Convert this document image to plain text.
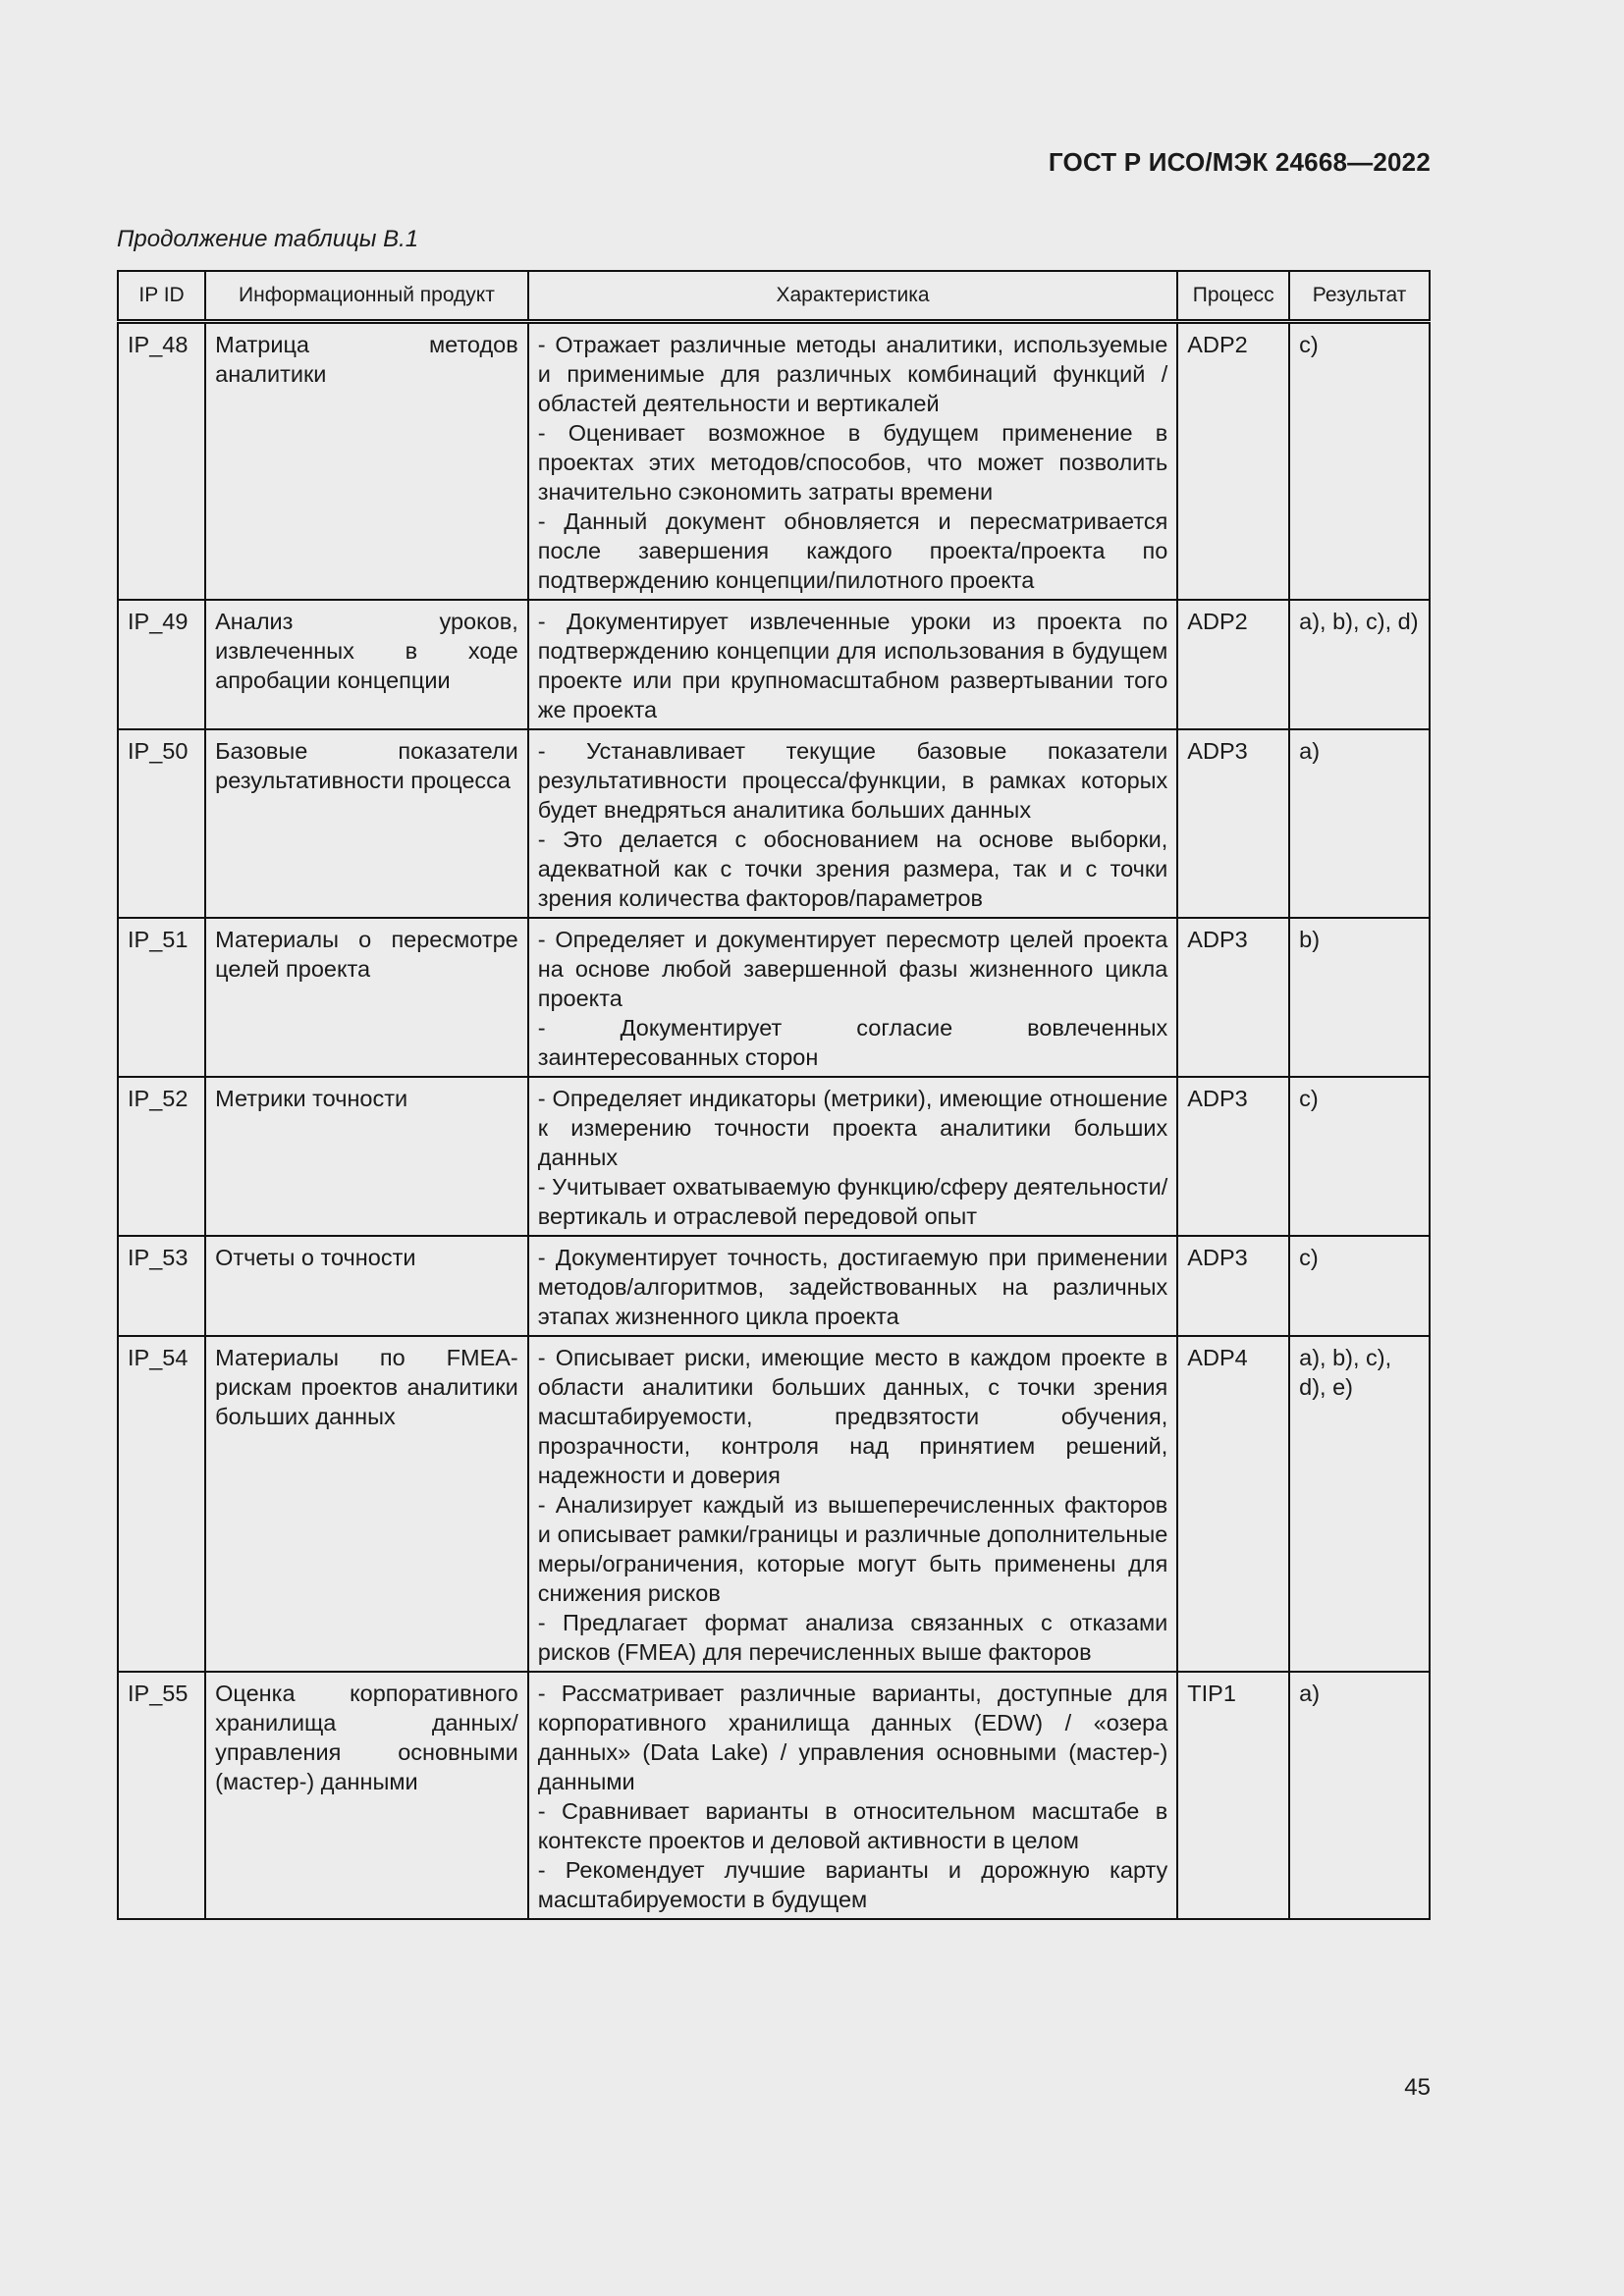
ГОСТ Р ИСО/МЭК 24668—2022
Продолжение таблицы В.1
IP ID	Информационный продукт	Характеристика	Процесс	Результат
IP_48	Матрица методов аналитики	- Отражает различные методы аналитики, используемые и применимые для различных комбинаций функций / областей деятельности и вертикалей
- Оценивает возможное в будущем применение в проектах этих методов/способов, что может позволить значительно сэкономить затраты времени
- Данный документ обновляется и пересматривается после завершения каждого проекта/проекта по подтверждению концепции/пилотного проекта	ADP2	c)
IP_49	Анализ уроков, извлеченных в ходе апробации концепции	- Документирует извлеченные уроки из проекта по подтверждению концепции для использования в будущем проекте или при крупномасштабном развертывании того же проекта	ADP2	a), b), c), d)
IP_50	Базовые показатели результативности процесса	- Устанавливает текущие базовые показатели результативности процесса/функции, в рамках которых будет внедряться аналитика больших данных
- Это делается с обоснованием на основе выборки, адекватной как с точки зрения размера, так и с точки зрения количества факторов/параметров	ADP3	a)
IP_51	Материалы о пересмотре целей проекта	- Определяет и документирует пересмотр целей проекта на основе любой завершенной фазы жизненного цикла проекта
- Документирует согласие вовлеченных заинтересованных сторон	ADP3	b)
IP_52	Метрики точности	- Определяет индикаторы (метрики), имеющие отношение к измерению точности проекта аналитики больших данных
- Учитывает охватываемую функцию/сферу деятельности/вертикаль и отраслевой передовой опыт	ADP3	c)
IP_53	Отчеты о точности	- Документирует точность, достигаемую при применении методов/алгоритмов, задействованных на различных этапах жизненного цикла проекта	ADP3	c)
IP_54	Материалы по FMEA-рискам проектов аналитики больших данных	- Описывает риски, имеющие место в каждом проекте в области аналитики больших данных, с точки зрения масштабируемости, предвзятости обучения, прозрачности, контроля над принятием решений, надежности и доверия
- Анализирует каждый из вышеперечисленных факторов и описывает рамки/границы и различные дополнительные меры/ограничения, которые могут быть применены для снижения рисков
- Предлагает формат анализа связанных с отказами рисков (FMEA) для перечисленных выше факторов	ADP4	a), b), c), d), e)
IP_55	Оценка корпоративного хранилища данных/ управления основными (мастер-) данными	- Рассматривает различные варианты, доступные для корпоративного хранилища данных (EDW) / «озера данных» (Data Lake) / управления основными (мастер-) данными
- Сравнивает варианты в относительном масштабе в контексте проектов и деловой активности в целом
- Рекомендует лучшие варианты и дорожную карту масштабируемости в будущем	TIP1	a)
45
